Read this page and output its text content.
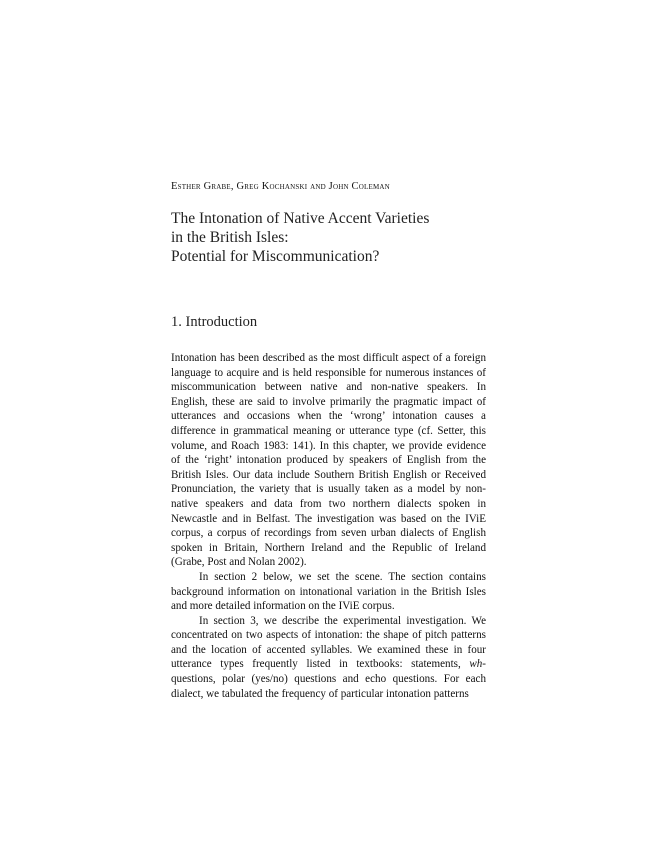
Esther Grabe, Greg Kochanski and John Coleman
The Intonation of Native Accent Varieties
in the British Isles:
Potential for Miscommunication?
1. Introduction

Intonation has been described as the most difficult aspect of a foreign language to acquire and is held responsible for numerous instances of miscommunication between native and non-native speakers. In English, these are said to involve primarily the pragmatic impact of utterances and occasions when the ‘wrong’ intonation causes a difference in grammatical meaning or utterance type (cf. Setter, this volume, and Roach 1983: 141). In this chapter, we provide evidence of the ‘right’ intonation produced by speakers of English from the British Isles. Our data include Southern British English or Received Pronunciation, the variety that is usually taken as a model by non-native speakers and data from two northern dialects spoken in Newcastle and in Belfast. The investigation was based on the IViE corpus, a corpus of recordings from seven urban dialects of English spoken in Britain, Northern Ireland and the Republic of Ireland (Grabe, Post and Nolan 2002).

In section 2 below, we set the scene. The section contains background information on intonational variation in the British Isles and more detailed information on the IViE corpus.

In section 3, we describe the experimental investigation. We concentrated on two aspects of intonation: the shape of pitch patterns and the location of accented syllables. We examined these in four utterance types frequently listed in textbooks: statements, wh-questions, polar (yes/no) questions and echo questions. For each dialect, we tabulated the frequency of particular intonation patterns
